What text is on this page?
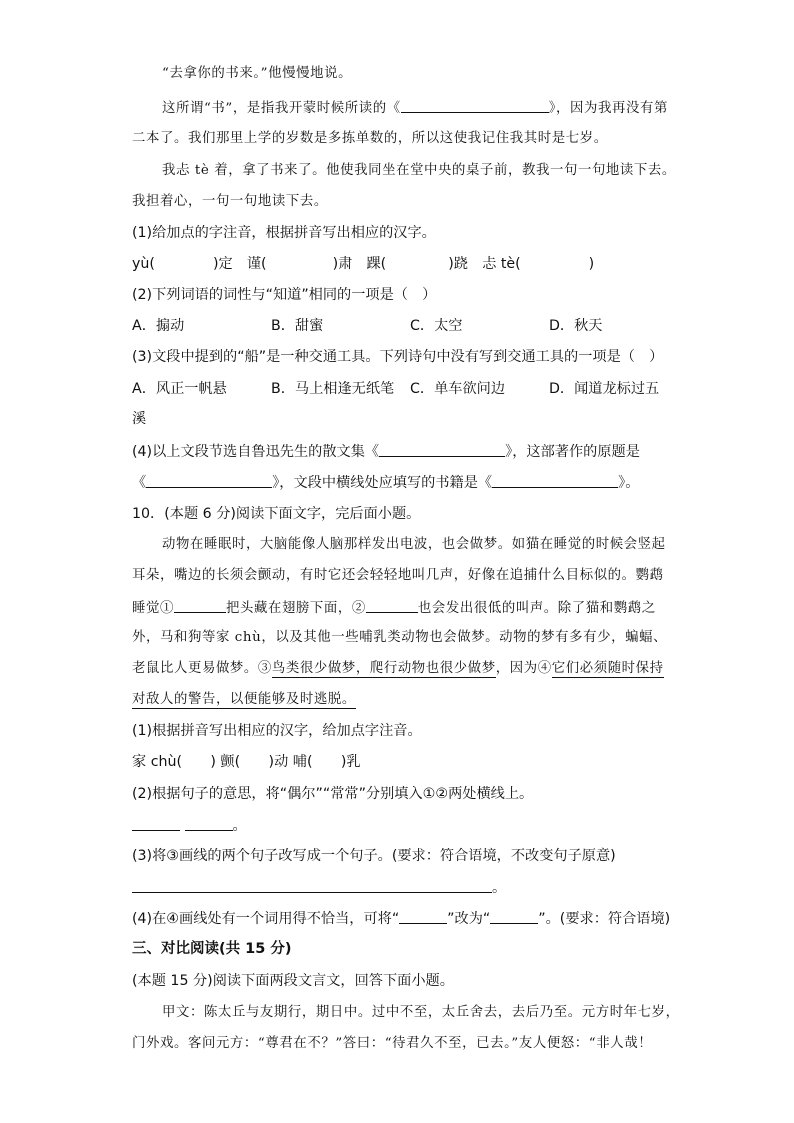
“去拿你的书来。”他慢慢地说。
这所谓“书”，是指我开蒙时候所读的《	》，因为我再没有第
二本了。我们那里上学的岁数是多拣单数的，所以这使我记住我其时是七岁。
我忐 tè 着，拿了书来了。他使我同坐在堂中央的桌子前，教我一句一句地读下去。
我担着心，一句一句地读下去。
(1)给加点的字注音，根据拼音写出相应的汉字。
yù(	)定　谨(	)肃　踝(	)跷　忐 tè(	)
(2)下列词语的词性与“知道”相同的一项是（　）
A．搧动	B．甜蜜	C．太空	D．秋天
(3)文段中提到的“船”是一种交通工具。下列诗句中没有写到交通工具的一项是（　）
A．风正一帆悬	B．马上相逢无纸笔 C．单车欲问边	D．闻道龙标过五
溪
(4)以上文段节选自鲁迅先生的散文集《	》，这部著作的原题是
《	》，文段中横线处应填写的书籍是《	》。
10．(本题 6 分)阅读下面文字，完后面小题。
动物在睡眠时，大脑能像人脑那样发出电波，也会做梦。如猫在睡觉的时候会竖起
耳朵，嘴边的长须会颤动，有时它还会轻轻地叫几声，好像在追捕什么目标似的。鹦鹉
睡觉①	把头藏在翅膀下面，②	也会发出很低的叫声。除了猫和鹦鹉之
外，马和狗等家 chù，以及其他一些哺乳类动物也会做梦。动物的梦有多有少，蝙蝠、
老鼠比人更易做梦。③鸟类很少做梦，爬行动物也很少做梦，因为④它们必须随时保持
对敌人的警告，以便能够及时逃脱。
(1)根据拼音写出相应的汉字，给加点字注音。
家 chù(　　) 颤(　　)动 哺(　　)乳
(2)根据句子的意思，将“偶尔”“常常”分别填入①②两处横线上。
。
(3)将③画线的两个句子改写成一个句子。(要求：符合语境，不改变句子原意)
。
(4)在④画线处有一个词用得不恰当，可将“	”改为“	”。(要求：符合语境)
三、对比阅读(共 15 分)
(本题 15 分)阅读下面两段文言文，回答下面小题。
甲文：陈太丘与友期行，期日中。过中不至，太丘舍去，去后乃至。元方时年七岁，
门外戏。客问元方：“尊君在不？”答曰：“待君久不至，已去。”友人便怒：“非人哉！
